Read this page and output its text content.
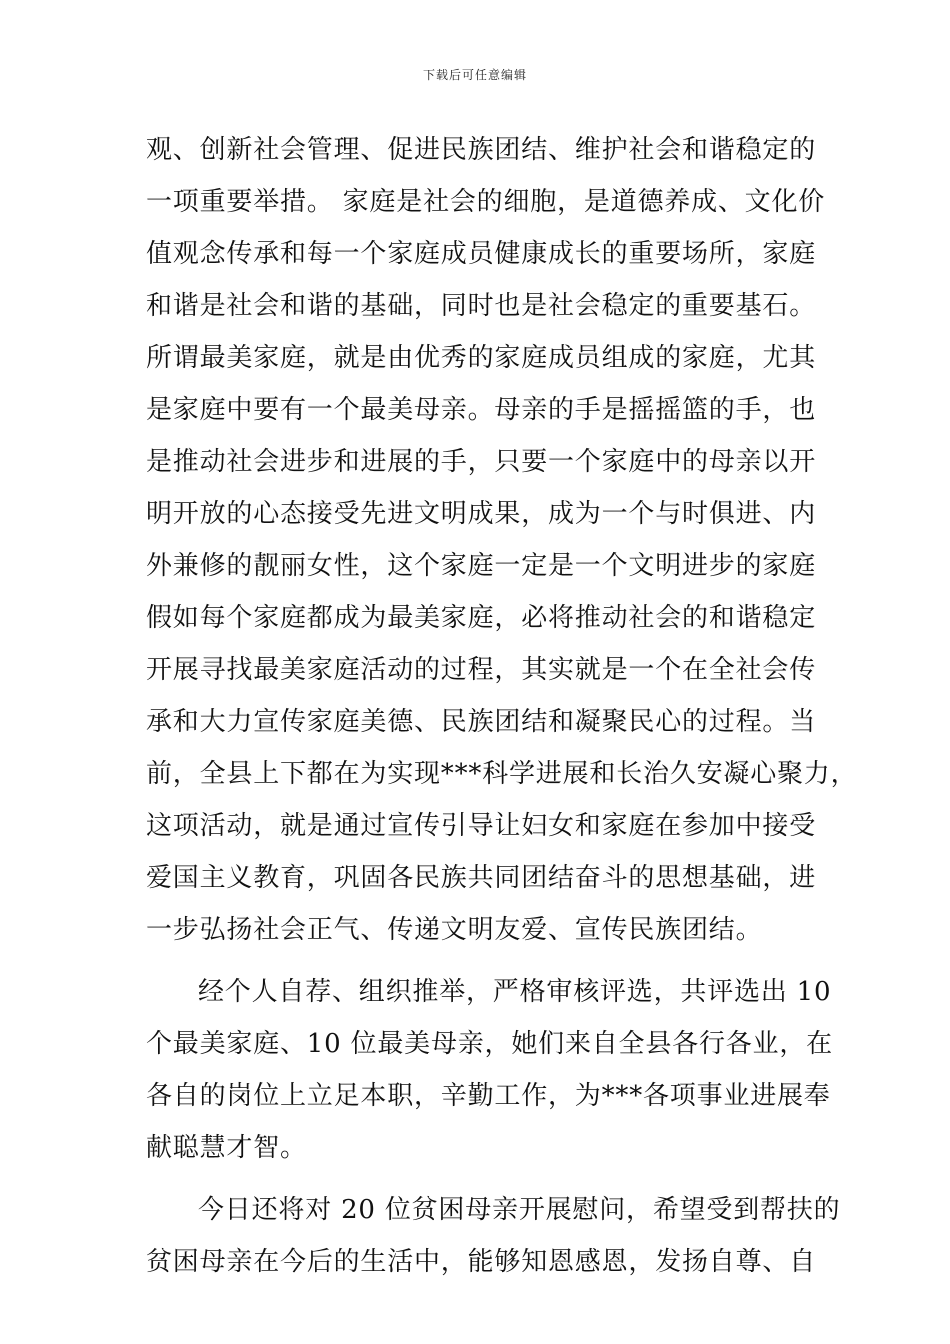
下载后可任意编辑
观、创新社会管理、促进民族团结、维护社会和谐稳定的
一项重要举措。 家庭是社会的细胞，是道德养成、文化价
值观念传承和每一个家庭成员健康成长的重要场所，家庭
和谐是社会和谐的基础，同时也是社会稳定的重要基石。
所谓最美家庭，就是由优秀的家庭成员组成的家庭，尤其
是家庭中要有一个最美母亲。母亲的手是摇摇篮的手，也
是推动社会进步和进展的手，只要一个家庭中的母亲以开
明开放的心态接受先进文明成果，成为一个与时俱进、内
外兼修的靓丽女性，这个家庭一定是一个文明进步的家庭
假如每个家庭都成为最美家庭，必将推动社会的和谐稳定
开展寻找最美家庭活动的过程，其实就是一个在全社会传
承和大力宣传家庭美德、民族团结和凝聚民心的过程。当
前，全县上下都在为实现***科学进展和长治久安凝心聚力，
这项活动，就是通过宣传引导让妇女和家庭在参加中接受
爱国主义教育，巩固各民族共同团结奋斗的思想基础，进
一步弘扬社会正气、传递文明友爱、宣传民族团结。
经个人自荐、组织推举，严格审核评选，共评选出 10
个最美家庭、10 位最美母亲，她们来自全县各行各业，在
各自的岗位上立足本职，辛勤工作，为***各项事业进展奉
献聪慧才智。
今日还将对 20 位贫困母亲开展慰问，希望受到帮扶的
贫困母亲在今后的生活中，能够知恩感恩，发扬自尊、自
